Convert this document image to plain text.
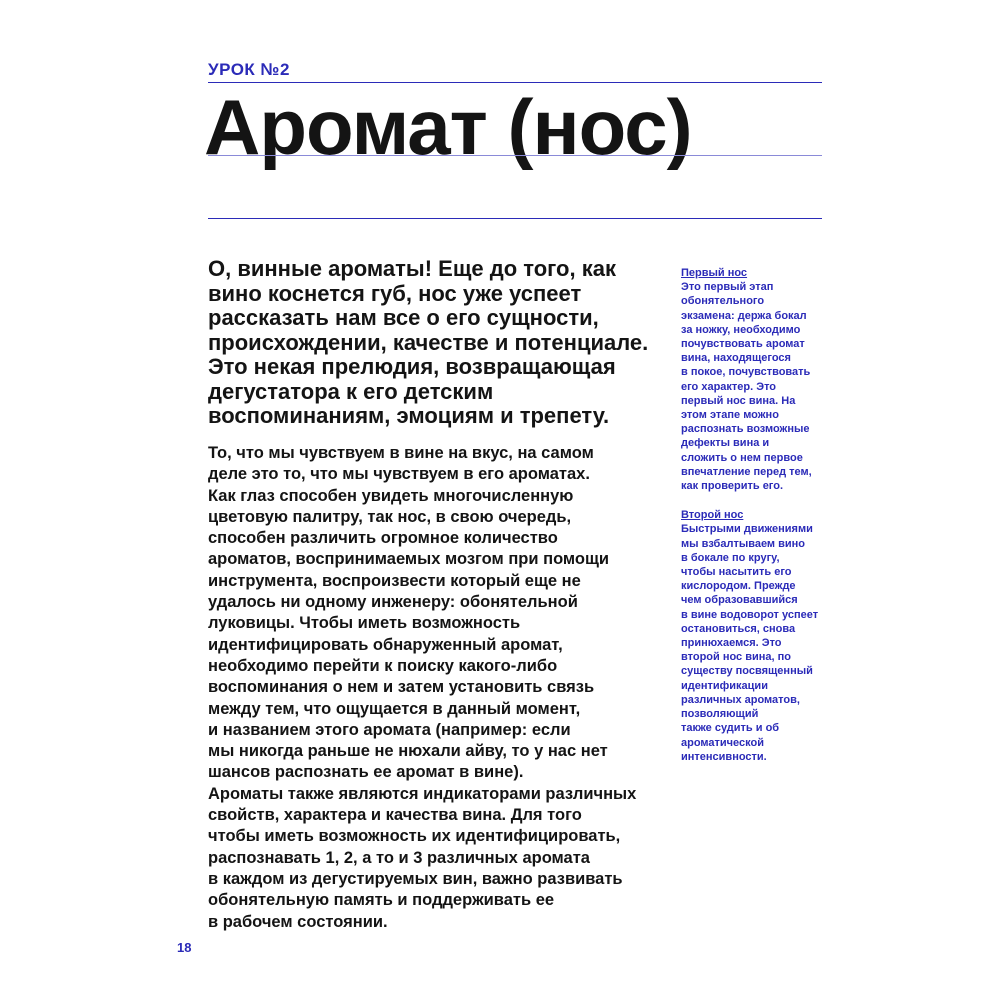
УРОК №2
Аромат (нос)
О, винные ароматы! Еще до того, как
вино коснется губ, нос уже успеет
рассказать нам все о его сущности,
происхождении, качестве и потенциале.
Это некая прелюдия, возвращающая
дегустатора к его детским
воспоминаниям, эмоциям и трепету.
То, что мы чувствуем в вине на вкус, на самом
деле это то, что мы чувствуем в его ароматах.
Как глаз способен увидеть многочисленную
цветовую палитру, так нос, в свою очередь,
способен различить огромное количество
ароматов, воспринимаемых мозгом при помощи
инструмента, воспроизвести который еще не
удалось ни одному инженеру: обонятельной
луковицы. Чтобы иметь возможность
идентифицировать обнаруженный аромат,
необходимо перейти к поиску какого-либо
воспоминания о нем и затем установить связь
между тем, что ощущается в данный момент,
и названием этого аромата (например: если
мы никогда раньше не нюхали айву, то у нас нет
шансов распознать ее аромат в вине).
Ароматы также являются индикаторами различных
свойств, характера и качества вина. Для того
чтобы иметь возможность их идентифицировать,
распознавать 1, 2, а то и 3 различных аромата
в каждом из дегустируемых вин, важно развивать
обонятельную память и поддерживать ее
в рабочем состоянии.
Первый нос
Это первый этап
обонятельного
экзамена: держа бокал
за ножку, необходимо
почувствовать аромат
вина, находящегося
в покое, почувствовать
его характер. Это
первый нос вина. На
этом этапе можно
распознать возможные
дефекты вина и
сложить о нем первое
впечатление перед тем,
как проверить его.
Второй нос
Быстрыми движениями
мы взбалтываем вино
в бокале по кругу,
чтобы насытить его
кислородом. Прежде
чем образовавшийся
в вине водоворот успеет
остановиться, снова
принюхаемся. Это
второй нос вина, по
существу посвященный
идентификации
различных ароматов,
позволяющий
также судить и об
ароматической
интенсивности.
18
